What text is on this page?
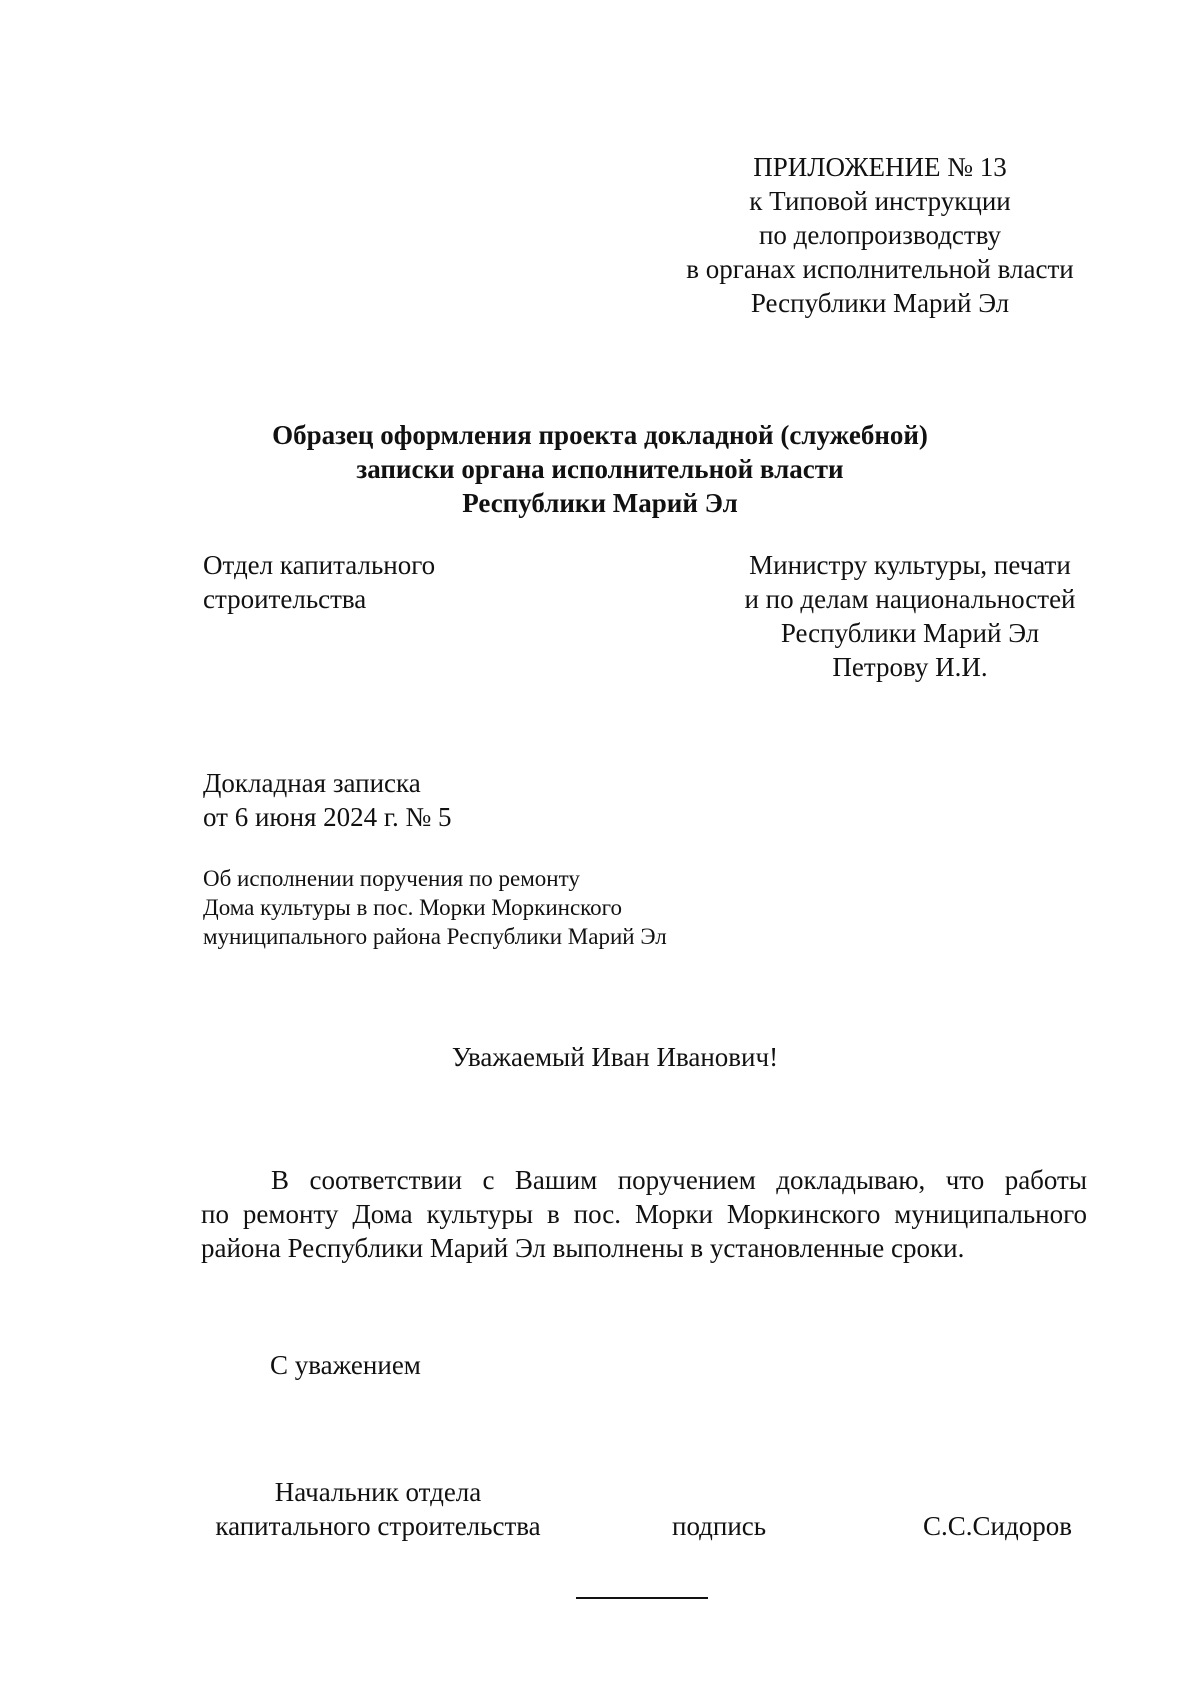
ПРИЛОЖЕНИЕ № 13
к Типовой инструкции
по делопроизводству
в органах исполнительной власти
Республики Марий Эл
Образец оформления проекта докладной (служебной)
записки органа исполнительной власти
Республики Марий Эл
Отдел капитального
строительства
Министру культуры, печати
и по делам национальностей
Республики Марий Эл
Петрову И.И.
Докладная записка
от 6 июня 2024 г. № 5
Об исполнении поручения по ремонту
Дома культуры в пос. Морки Моркинского
муниципального района Республики Марий Эл
Уважаемый Иван Иванович!
В соответствии с Вашим поручением докладываю, что работы
по ремонту Дома культуры в пос. Морки Моркинского муниципального
района Республики Марий Эл выполнены в установленные сроки.
С уважением
Начальник отдела
капитального строительства	подпись	С.С.Сидоров
